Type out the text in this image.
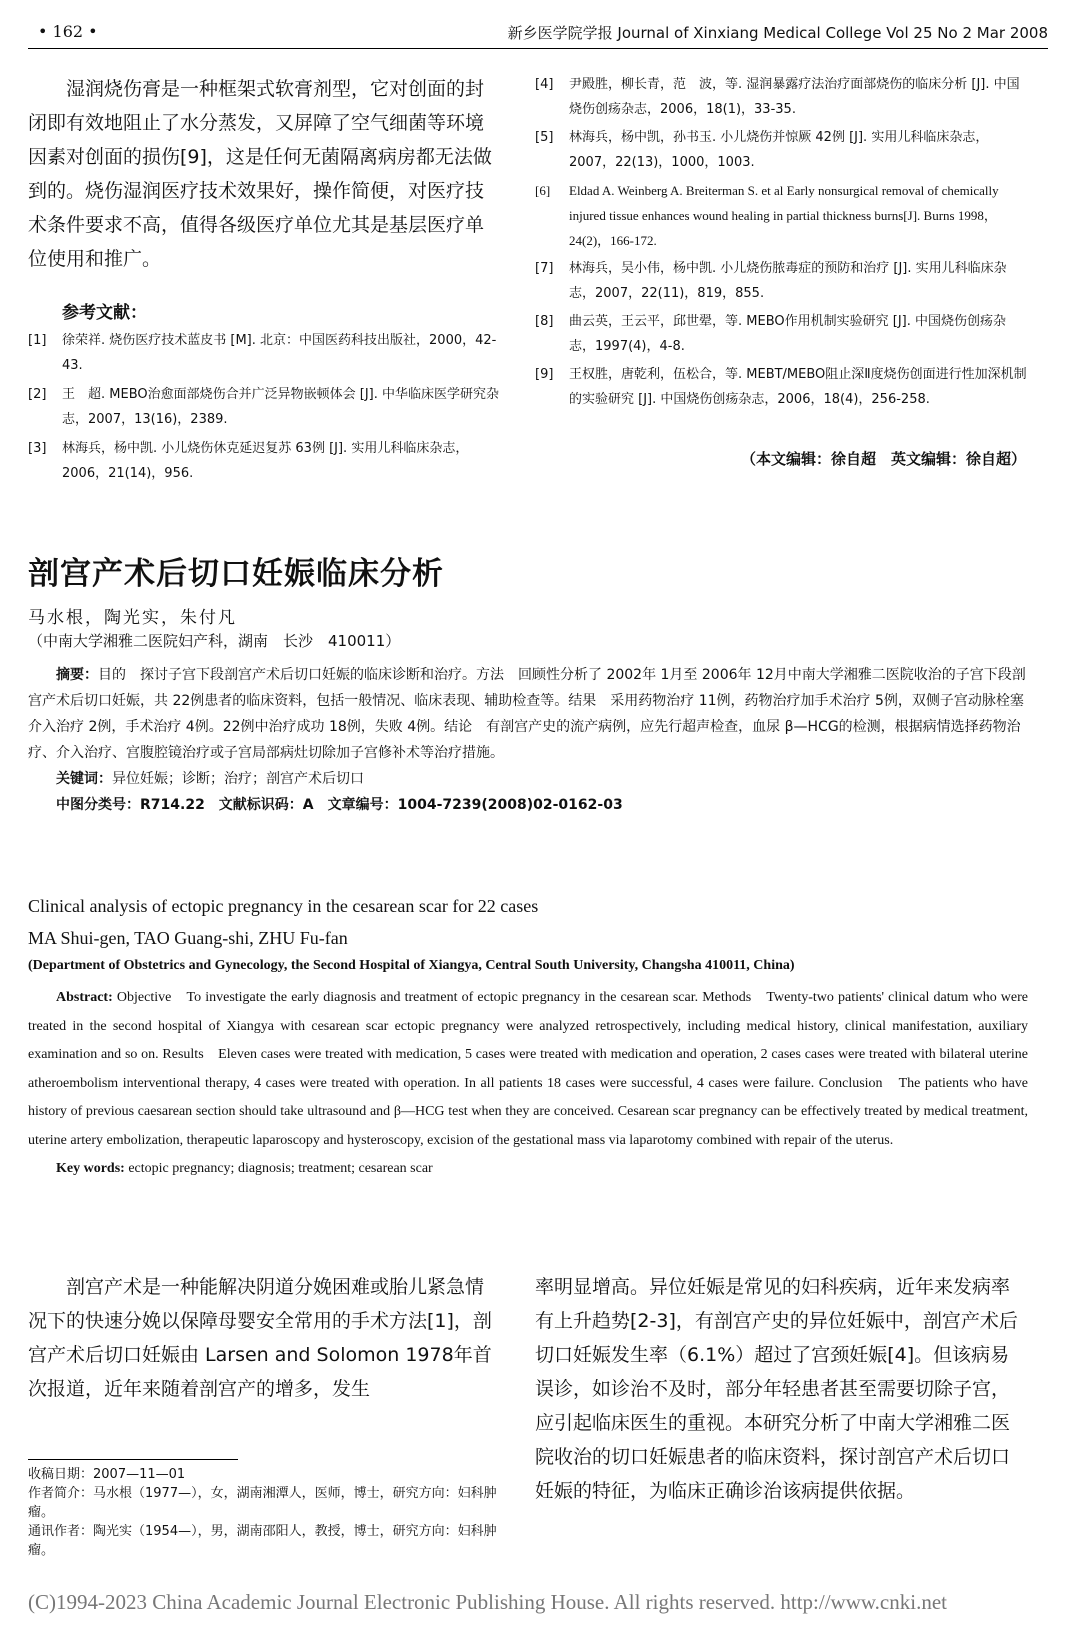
• 162 •	新乡医学院学报 Journal of Xinxiang Medical College Vol 25 No 2 Mar 2008

湿润烧伤膏是一种框架式软膏剂型，它对创面的封闭即有效地阻止了水分蒸发，又屏障了空气细菌等环境因素对创面的损伤[9]，这是任何无菌隔离病房都无法做到的。烧伤湿润医疗技术效果好，操作简便，对医疗技术条件要求不高，值得各级医疗单位尤其是基层医疗单位使用和推广。

参考文献：
[1]	徐荣祥. 烧伤医疗技术蓝皮书 [M]. 北京：中国医药科技出版社，2000，42-43.
[2]	王　超. MEBO治愈面部烧伤合并广泛异物嵌顿体会 [J]. 中华临床医学研究杂志，2007，13(16)，2389.
[3]	林海兵，杨中凯. 小儿烧伤休克延迟复苏 63例 [J]. 实用儿科临床杂志，2006，21(14)，956.
[4]	尹殿胜，柳长青，范　波，等. 湿润暴露疗法治疗面部烧伤的临床分析 [J]. 中国烧伤创疡杂志，2006，18(1)，33-35.
[5]	林海兵，杨中凯，孙书玉. 小儿烧伤并惊厥 42例 [J]. 实用儿科临床杂志，2007，22(13)，1000，1003.
[6]	Eldad A. Weinberg A. Breiterman S. et al Early nonsurgical removal of chemically injured tissue enhances wound healing in partial thickness burns[J]. Burns 1998，24(2)，166-172.
[7]	林海兵，吴小伟，杨中凯. 小儿烧伤脓毒症的预防和治疗 [J]. 实用儿科临床杂志，2007，22(11)，819，855.
[8]	曲云英，王云平，邱世翚，等. MEBO作用机制实验研究 [J]. 中国烧伤创疡杂志，1997(4)，4-8.
[9]	王权胜，唐乾利，伍松合，等. MEBT/MEBO阻止深Ⅱ度烧伤创面进行性加深机制的实验研究 [J]. 中国烧伤创疡杂志，2006，18(4)，256-258.
（本文编辑：徐自超　英文编辑：徐自超）
剖宫产术后切口妊娠临床分析
马水根，陶光实，朱付凡
（中南大学湘雅二医院妇产科，湖南　长沙　410011）
摘要：目的　探讨子宫下段剖宫产术后切口妊娠的临床诊断和治疗。方法　回顾性分析了 2002年 1月至 2006年 12月中南大学湘雅二医院收治的子宫下段剖宫产术后切口妊娠，共 22例患者的临床资料，包括一般情况、临床表现、辅助检查等。结果　采用药物治疗 11例，药物治疗加手术治疗 5例，双侧子宫动脉栓塞介入治疗 2例，手术治疗 4例。22例中治疗成功 18例，失败 4例。结论　有剖宫产史的流产病例，应先行超声检查，血尿 β—HCG的检测，根据病情选择药物治疗、介入治疗、宫腹腔镜治疗或子宫局部病灶切除加子宫修补术等治疗措施。
关键词：异位妊娠；诊断；治疗；剖宫产术后切口
中图分类号：R714.22　文献标识码：A　文章编号：1004-7239(2008)02-0162-03
Clinical analysis of ectopic pregnancy in the cesarean scar for 22 cases
MA Shui-gen, TAO Guang-shi, ZHU Fu-fan
(Department of Obstetrics and Gynecology, the Second Hospital of Xiangya, Central South University, Changsha 410011, China)
Abstract: Objective　To investigate the early diagnosis and treatment of ectopic pregnancy in the cesarean scar. Methods　Twenty-two patients' clinical datum who were treated in the second hospital of Xiangya with cesarean scar ectopic pregnancy were analyzed retrospectively, including medical history, clinical manifestation, auxiliary examination and so on. Results　Eleven cases were treated with medication, 5 cases were treated with medication and operation, 2 cases cases were treated with bilateral uterine atheroembolism interventional therapy, 4 cases were treated with operation. In all patients 18 cases were successful, 4 cases were failure. Conclusion　The patients who have history of previous caesarean section should take ultrasound and β—HCG test when they are conceived. Cesarean scar pregnancy can be effectively treated by medical treatment, uterine artery embolization, therapeutic laparoscopy and hysteroscopy, excision of the gestational mass via laparotomy combined with repair of the uterus.
Key words: ectopic pregnancy; diagnosis; treatment; cesarean scar

剖宫产术是一种能解决阴道分娩困难或胎儿紧急情况下的快速分娩以保障母婴安全常用的手术方法[1]，剖宫产术后切口妊娠由 Larsen and Solomon 1978年首次报道，近年来随着剖宫产的增多，发生

率明显增高。异位妊娠是常见的妇科疾病，近年来发病率有上升趋势[2-3]，有剖宫产史的异位妊娠中，剖宫产术后切口妊娠发生率（6.1%）超过了宫颈妊娠[4]。但该病易误诊，如诊治不及时，部分年轻患者甚至需要切除子宫，应引起临床医生的重视。本研究分析了中南大学湘雅二医院收治的切口妊娠患者的临床资料，探讨剖宫产术后切口妊娠的特征，为临床正确诊治该病提供依据。

收稿日期：2007—11—01
作者简介：马水根（1977—），女，湖南湘潭人，医师，博士，研究方向：妇科肿瘤。
通讯作者：陶光实（1954—），男，湖南邵阳人，教授，博士，研究方向：妇科肿瘤。
(C)1994-2023 China Academic Journal Electronic Publishing House. All rights reserved. http://www.cnki.net
